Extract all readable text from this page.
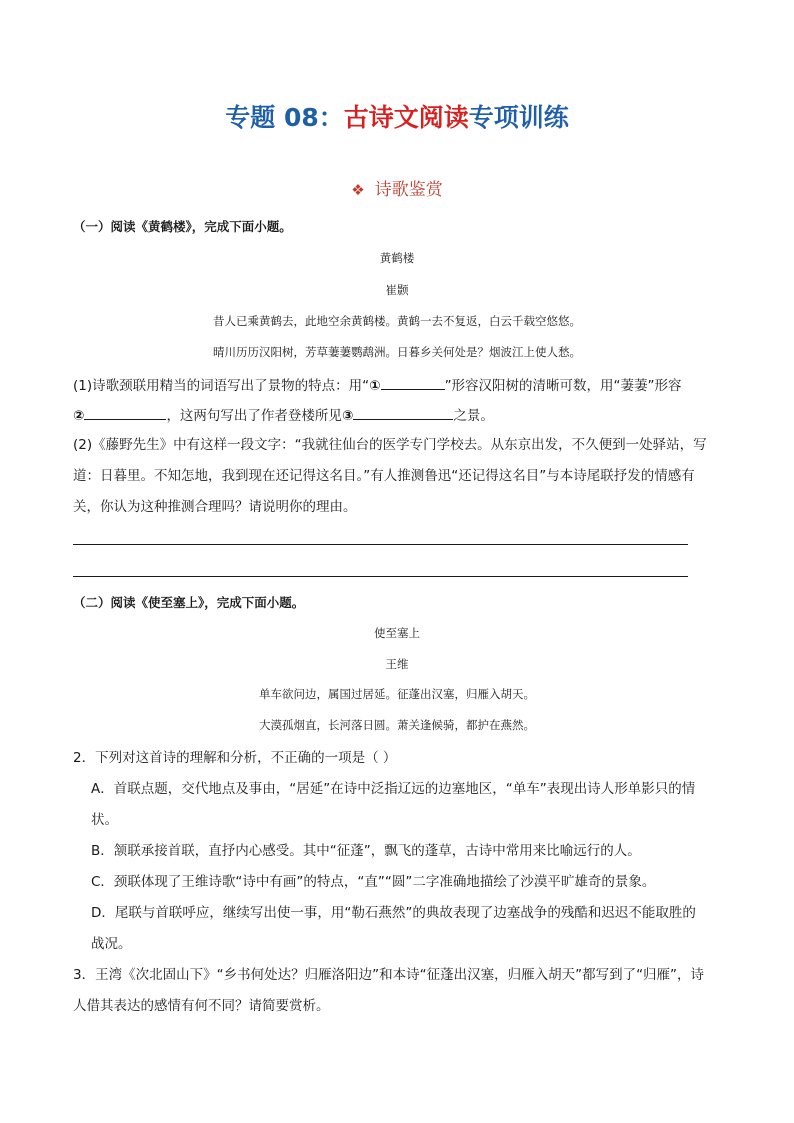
专题 08：古诗文阅读专项训练
❖ 诗歌鉴赏
（一）阅读《黄鹤楼》，完成下面小题。
黄鹤楼
崔颢
昔人已乘黄鹤去，此地空余黄鹤楼。黄鹤一去不复返，白云千载空悠悠。
晴川历历汉阳树，芳草萋萋鹦鹉洲。日暮乡关何处是？烟波江上使人愁。
(1)诗歌颈联用精当的词语写出了景物的特点：用“①	”形容汉阳树的清晰可数，用“萋萋”形容
②	，这两句写出了作者登楼所见③	之景。
(2)《藤野先生》中有这样一段文字：“我就往仙台的医学专门学校去。从东京出发，不久便到一处驿站，写
道：日暮里。不知怎地，我到现在还记得这名目。”有人推测鲁迅“还记得这名目”与本诗尾联抒发的情感有
关，你认为这种推测合理吗？请说明你的理由。
（二）阅读《使至塞上》，完成下面小题。
使至塞上
王维
单车欲问边，属国过居延。征蓬出汉塞，归雁入胡天。
大漠孤烟直，长河落日圆。萧关逢候骑，都护在燕然。
2．下列对这首诗的理解和分析，不正确的一项是（ ）
A．首联点题，交代地点及事由，“居延”在诗中泛指辽远的边塞地区，“单车”表现出诗人形单影只的情
状。
B．颔联承接首联，直抒内心感受。其中“征蓬”，飘飞的蓬草，古诗中常用来比喻远行的人。
C．颈联体现了王维诗歌“诗中有画”的特点，“直”“圆”二字准确地描绘了沙漠平旷雄奇的景象。
D．尾联与首联呼应，继续写出使一事，用“勒石燕然”的典故表现了边塞战争的残酷和迟迟不能取胜的
战况。
3．王湾《次北固山下》“乡书何处达？归雁洛阳边”和本诗“征蓬出汉塞，归雁入胡天”都写到了“归雁”，诗
人借其表达的感情有何不同？请简要赏析。
